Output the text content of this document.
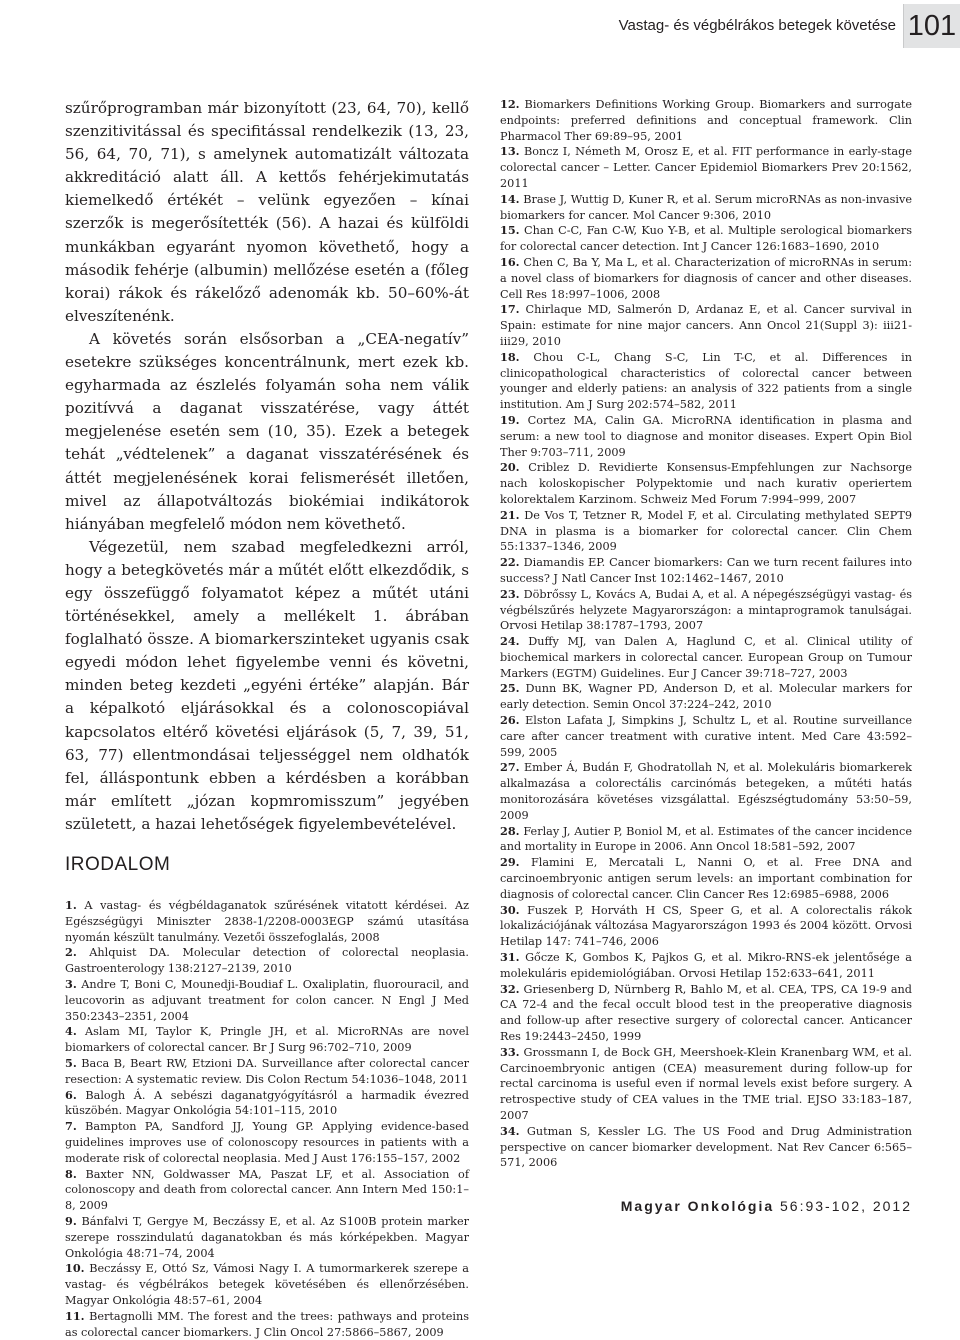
Vastag- és végbélrákos betegek követése 101

szűrőprogramban már bizonyított (23, 64, 70), kellő szenzitivitással és specifitással rendelkezik (13, 23, 56, 64, 70, 71), s amelynek automatizált változata akkreditáció alatt áll. A kettős fehérjekimutatás kiemelkedő értékét – velünk egyezően – kínai szerzők is megerősítették (56). A hazai és külföldi munkákban egyaránt nyomon követhető, hogy a második fehérje (albumin) mellőzése esetén a (főleg korai) rákok és rákelőző adenomák kb. 50–60%-át elveszítenénk.

A követés során elsősorban a „CEA-negatív” esetekre szükséges koncentrálnunk, mert ezek kb. egyharmada az észlelés folyamán soha nem válik pozitívvá a daganat visszatérése, vagy áttét megjelenése esetén sem (10, 35). Ezek a betegek tehát „védtelenek” a daganat visszatérésének és áttét megjelenésének korai felismerését illetően, mivel az állapotváltozás biokémiai indikátorok hiányában megfelelő módon nem követhető.

Végezetül, nem szabad megfeledkezni arról, hogy a betegkövetés már a műtét előtt elkezdődik, s egy összefüggő folyamatot képez a műtét utáni történésekkel, amely a mellékelt 1. ábrában foglalható össze. A biomarkerszinteket ugyanis csak egyedi módon lehet figyelembe venni és követni, minden beteg kezdeti „egyéni értéke” alapján. Bár a képalkotó eljárásokkal és a colonoscopiával kapcsolatos eltérő követési eljárások (5, 7, 39, 51, 63, 77) ellentmondásai teljességgel nem oldhatók fel, álláspontunk ebben a kérdésben a korábban már említett „józan kopmromisszum” jegyében született, a hazai lehetőségek figyelembevételével.

IRODALOM
1. A vastag- és végbéldaganatok szűrésének vitatott kérdései. Az Egészségügyi Miniszter 2838-1/2208-0003EGP számú utasítása nyomán készült tanulmány. Vezetői összefoglalás, 2008
2. Ahlquist DA. Molecular detection of colorectal neoplasia. Gastroenterology 138:2127–2139, 2010
3. Andre T, Boni C, Mounedji-Boudiaf L. Oxaliplatin, fluorouracil, and leucovorin as adjuvant treatment for colon cancer. N Engl J Med 350:2343–2351, 2004
4. Aslam MI, Taylor K, Pringle JH, et al. MicroRNAs are novel biomarkers of colorectal cancer. Br J Surg 96:702–710, 2009
5. Baca B, Beart RW, Etzioni DA. Surveillance after colorectal cancer resection: A systematic review. Dis Colon Rectum 54:1036–1048, 2011
6. Balogh Á. A sebészi daganatgyógyításról a harmadik évezred küszöbén. Magyar Onkológia 54:101–115, 2010
7. Bampton PA, Sandford JJ, Young GP. Applying evidence-based guidelines improves use of colonoscopy resources in patients with a moderate risk of colorectal neoplasia. Med J Aust 176:155–157, 2002
8. Baxter NN, Goldwasser MA, Paszat LF, et al. Association of colonoscopy and death from colorectal cancer. Ann Intern Med 150:1–8, 2009
9. Bánfalvi T, Gergye M, Beczássy E, et al. Az S100B protein marker szerepe rosszindulatú daganatokban és más kórképekben. Magyar Onkológia 48:71–74, 2004
10. Beczássy E, Ottó Sz, Vámosi Nagy I. A tumormarkerek szerepe a vastag- és végbélrákos betegek követésében és ellenőrzésében. Magyar Onkológia 48:57–61, 2004
11. Bertagnolli MM. The forest and the trees: pathways and proteins as colorectal cancer biomarkers. J Clin Oncol 27:5866–5867, 2009
12. Biomarkers Definitions Working Group. Biomarkers and surrogate endpoints: preferred definitions and conceptual framework. Clin Pharmacol Ther 69:89–95, 2001
13. Boncz I, Németh M, Orosz E, et al. FIT performance in early-stage colorectal cancer – Letter. Cancer Epidemiol Biomarkers Prev 20:1562, 2011
14. Brase J, Wuttig D, Kuner R, et al. Serum microRNAs as non-invasive biomarkers for cancer. Mol Cancer 9:306, 2010
15. Chan C-C, Fan C-W, Kuo Y-B, et al. Multiple serological biomarkers for colorectal cancer detection. Int J Cancer 126:1683–1690, 2010
16. Chen C, Ba Y, Ma L, et al. Characterization of microRNAs in serum: a novel class of biomarkers for diagnosis of cancer and other diseases. Cell Res 18:997–1006, 2008
17. Chirlaque MD, Salmerón D, Ardanaz E, et al. Cancer survival in Spain: estimate for nine major cancers. Ann Oncol 21(Suppl 3): iii21-iii29, 2010
18. Chou C-L, Chang S-C, Lin T-C, et al. Differences in clinicopathological characteristics of colorectal cancer between younger and elderly patiens: an analysis of 322 patients from a single institution. Am J Surg 202:574–582, 2011
19. Cortez MA, Calin GA. MicroRNA identification in plasma and serum: a new tool to diagnose and monitor diseases. Expert Opin Biol Ther 9:703–711, 2009
20. Criblez D. Revidierte Konsensus-Empfehlungen zur Nachsorge nach koloskopischer Polypektomie und nach kurativ operiertem kolorektalem Karzinom. Schweiz Med Forum 7:994–999, 2007
21. De Vos T, Tetzner R, Model F, et al. Circulating methylated SEPT9 DNA in plasma is a biomarker for colorectal cancer. Clin Chem 55:1337–1346, 2009
22. Diamandis EP. Cancer biomarkers: Can we turn recent failures into success? J Natl Cancer Inst 102:1462–1467, 2010
23. Döbrőssy L, Kovács A, Budai A, et al. A népegészségügyi vastag- és végbélszűrés helyzete Magyarországon: a mintaprogramok tanulságai. Orvosi Hetilap 38:1787–1793, 2007
24. Duffy MJ, van Dalen A, Haglund C, et al. Clinical utility of biochemical markers in colorectal cancer. European Group on Tumour Markers (EGTM) Guidelines. Eur J Cancer 39:718–727, 2003
25. Dunn BK, Wagner PD, Anderson D, et al. Molecular markers for early detection. Semin Oncol 37:224–242, 2010
26. Elston Lafata J, Simpkins J, Schultz L, et al. Routine surveillance care after cancer treatment with curative intent. Med Care 43:592–599, 2005
27. Ember Á, Budán F, Ghodratollah N, et al. Molekuláris biomarkerek alkalmazása a colorectális carcinómás betegeken, a műtéti hatás monitorozására követéses vizsgálattal. Egészségtudomány 53:50–59, 2009
28. Ferlay J, Autier P, Boniol M, et al. Estimates of the cancer incidence and mortality in Europe in 2006. Ann Oncol 18:581–592, 2007
29. Flamini E, Mercatali L, Nanni O, et al. Free DNA and carcinoembryonic antigen serum levels: an important combination for diagnosis of colorectal cancer. Clin Cancer Res 12:6985–6988, 2006
30. Fuszek P, Horváth H CS, Speer G, et al. A colorectalis rákok lokalizációjának változása Magyarországon 1993 és 2004 között. Orvosi Hetilap 147: 741–746, 2006
31. Gőcze K, Gombos K, Pajkos G, et al. Mikro-RNS-ek jelentősége a molekuláris epidemiológiában. Orvosi Hetilap 152:633–641, 2011
32. Griesenberg D, Nürnberg R, Bahlo M, et al. CEA, TPS, CA 19-9 and CA 72-4 and the fecal occult blood test in the preoperative diagnosis and follow-up after resective surgery of colorectal cancer. Anticancer Res 19:2443–2450, 1999
33. Grossmann I, de Bock GH, Meershoek-Klein Kranenbarg WM, et al. Carcinoembryonic antigen (CEA) measurement during follow-up for rectal carcinoma is useful even if normal levels exist before surgery. A retrospective study of CEA values in the TME trial. EJSO 33:183–187, 2007
34. Gutman S, Kessler LG. The US Food and Drug Administration perspective on cancer biomarker development. Nat Rev Cancer 6:565–571, 2006
Magyar Onkológia 56:93-102, 2012
